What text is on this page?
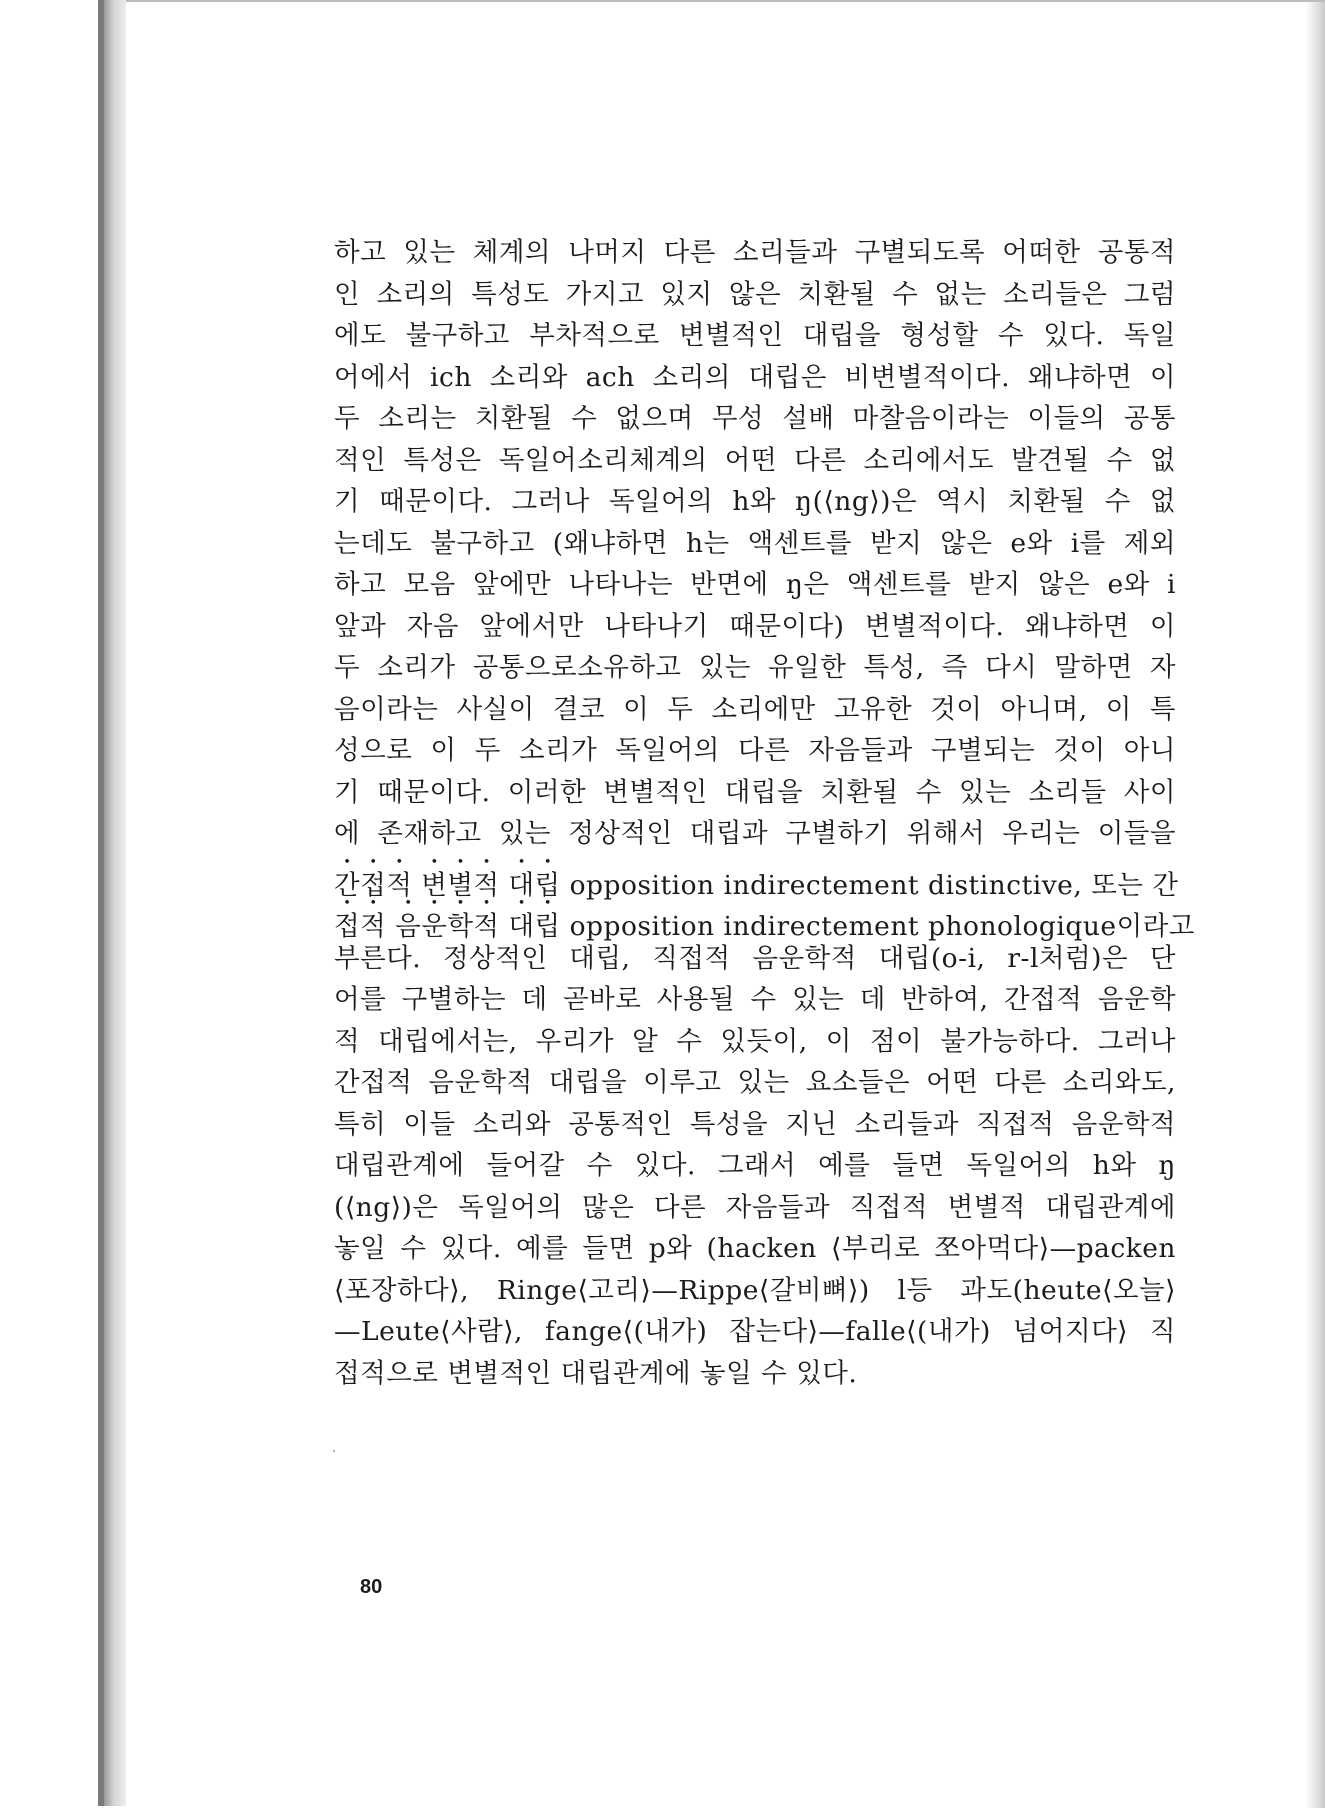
하고 있는 체계의 나머지 다른 소리들과 구별되도록 어떠한 공통적
인 소리의 특성도 가지고 있지 않은 치환될 수 없는 소리들은 그럼
에도 불구하고 부차적으로 변별적인 대립을 형성할 수 있다. 독일
어에서 ich 소리와 ach 소리의 대립은 비변별적이다. 왜냐하면 이
두 소리는 치환될 수 없으며 무성 설배 마찰음이라는 이들의 공통
적인 특성은 독일어소리체계의 어떤 다른 소리에서도 발견될 수 없
기 때문이다. 그러나 독일어의 h와 ŋ(⟨ng⟩)은 역시 치환될 수 없
는데도 불구하고 (왜냐하면 h는 액센트를 받지 않은 e와 i를 제외
하고 모음 앞에만 나타나는 반면에 ŋ은 액센트를 받지 않은 e와 i
앞과 자음 앞에서만 나타나기 때문이다) 변별적이다. 왜냐하면 이
두 소리가 공통으로소유하고 있는 유일한 특성, 즉 다시 말하면 자
음이라는 사실이 결코 이 두 소리에만 고유한 것이 아니며, 이 특
성으로 이 두 소리가 독일어의 다른 자음들과 구별되는 것이 아니
기 때문이다. 이러한 변별적인 대립을 치환될 수 있는 소리들 사이
에 존재하고 있는 정상적인 대립과 구별하기 위해서 우리는 이들을
간접적 변별적 대립 opposition indirectement distinctive, 또는 간
접적 음운학적 대립 opposition indirectement phonologique이라고
부른다. 정상적인 대립, 직접적 음운학적 대립(o-i, r-l처럼)은 단
어를 구별하는 데 곧바로 사용될 수 있는 데 반하여, 간접적 음운학
적 대립에서는, 우리가 알 수 있듯이, 이 점이 불가능하다. 그러나
간접적 음운학적 대립을 이루고 있는 요소들은 어떤 다른 소리와도,
특히 이들 소리와 공통적인 특성을 지닌 소리들과 직접적 음운학적
대립관계에 들어갈 수 있다. 그래서 예를 들면 독일어의 h와 ŋ
(⟨ng⟩)은 독일어의 많은 다른 자음들과 직접적 변별적 대립관계에
놓일 수 있다. 예를 들면 p와 (hacken ⟨부리로 쪼아먹다⟩—packen
⟨포장하다⟩, Ringe⟨고리⟩—Rippe⟨갈비뼈⟩) l등 과도(heute⟨오늘⟩
—Leute⟨사람⟩, fange⟨(내가) 잡는다⟩—falle⟨(내가) 넘어지다⟩ 직
접적으로 변별적인 대립관계에 놓일 수 있다.
80
